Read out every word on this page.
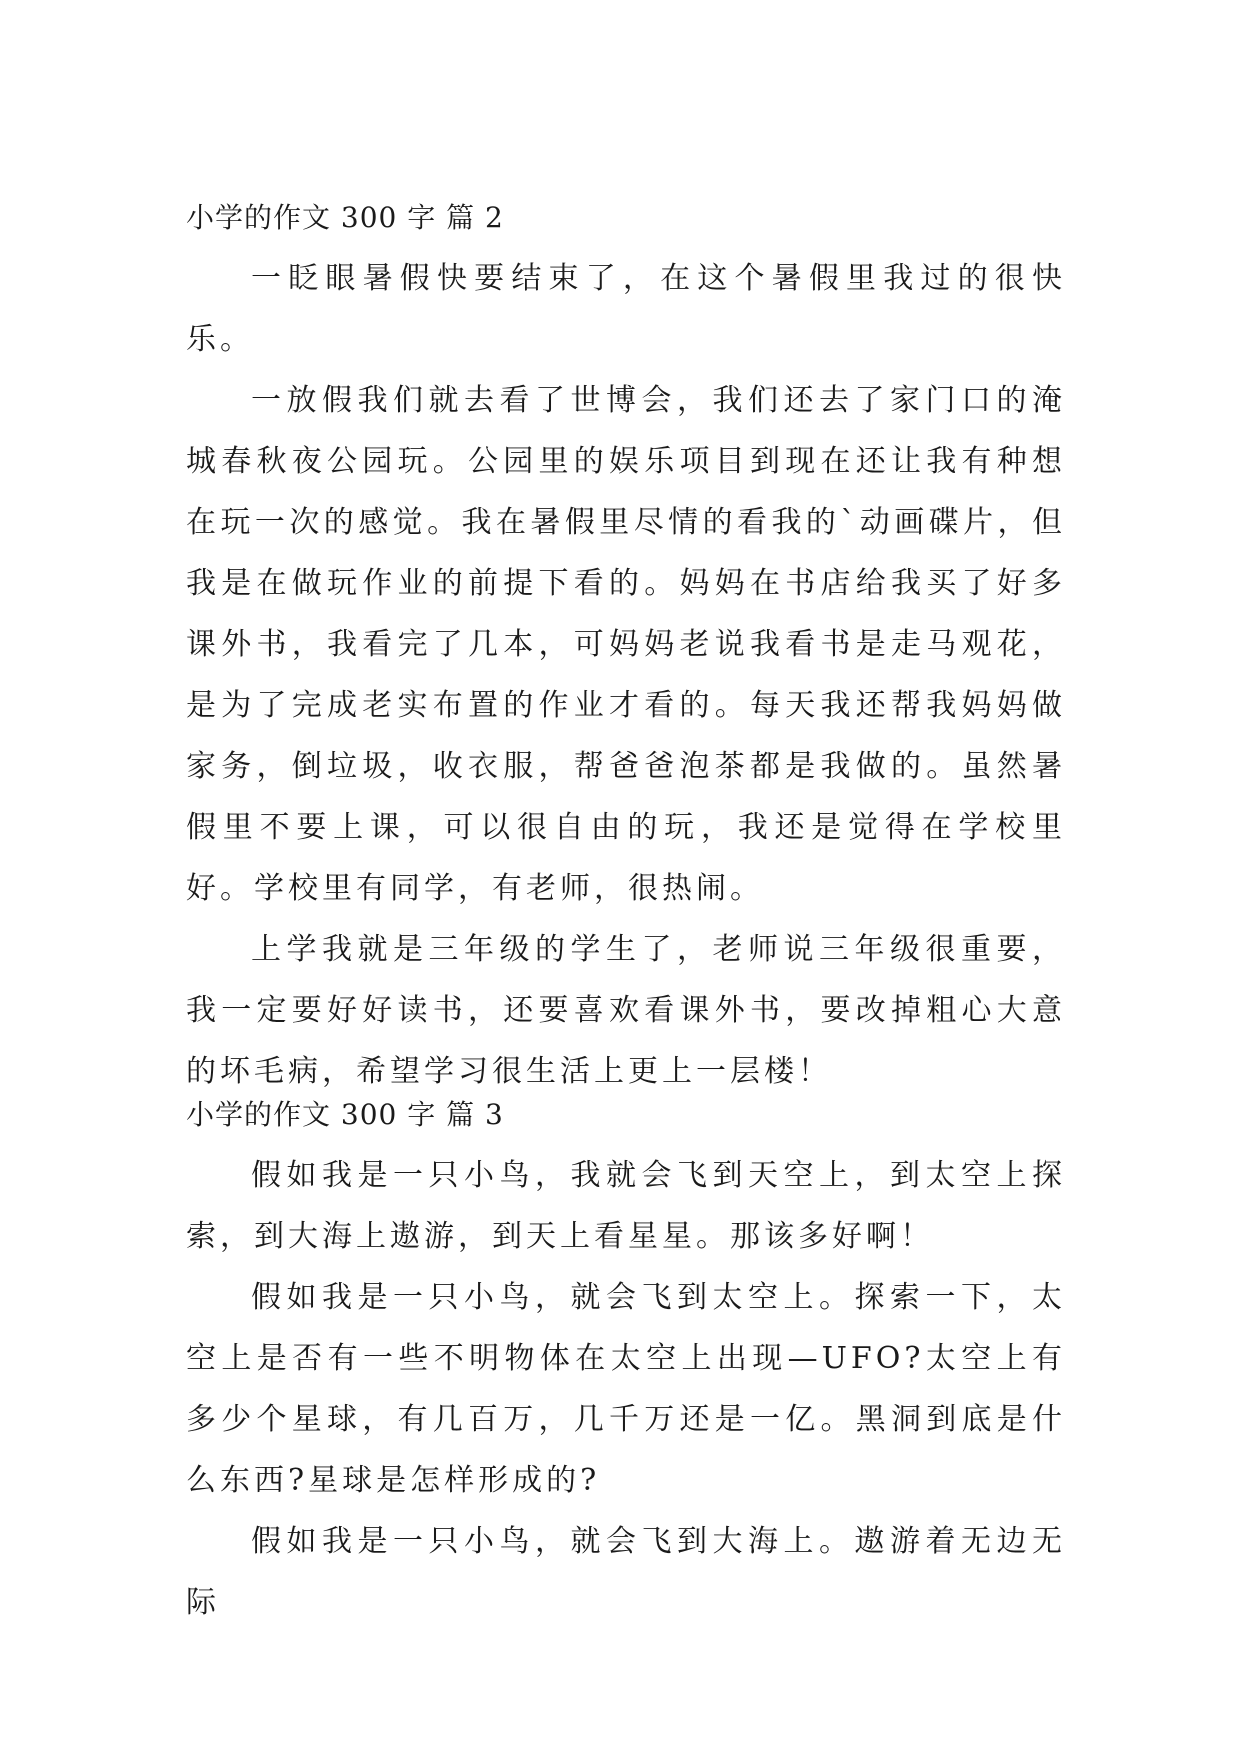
小学的作文 300 字 篇 2

一眨眼暑假快要结束了，在这个暑假里我过的很快乐。

一放假我们就去看了世博会，我们还去了家门口的淹城春秋夜公园玩。公园里的娱乐项目到现在还让我有种想在玩一次的感觉。我在暑假里尽情的看我的`动画碟片，但我是在做玩作业的前提下看的。妈妈在书店给我买了好多课外书，我看完了几本，可妈妈老说我看书是走马观花，是为了完成老实布置的作业才看的。每天我还帮我妈妈做家务，倒垃圾，收衣服，帮爸爸泡茶都是我做的。虽然暑假里不要上课，可以很自由的玩，我还是觉得在学校里好。学校里有同学，有老师，很热闹。

上学我就是三年级的学生了，老师说三年级很重要，我一定要好好读书，还要喜欢看课外书，要改掉粗心大意的坏毛病，希望学习很生活上更上一层楼！

小学的作文 300 字 篇 3

假如我是一只小鸟，我就会飞到天空上，到太空上探索，到大海上遨游，到天上看星星。那该多好啊！

假如我是一只小鸟，就会飞到太空上。探索一下，太空上是否有一些不明物体在太空上出现—UFO?太空上有多少个星球，有几百万，几千万还是一亿。黑洞到底是什么东西?星球是怎样形成的?

假如我是一只小鸟，就会飞到大海上。遨游着无边无际
